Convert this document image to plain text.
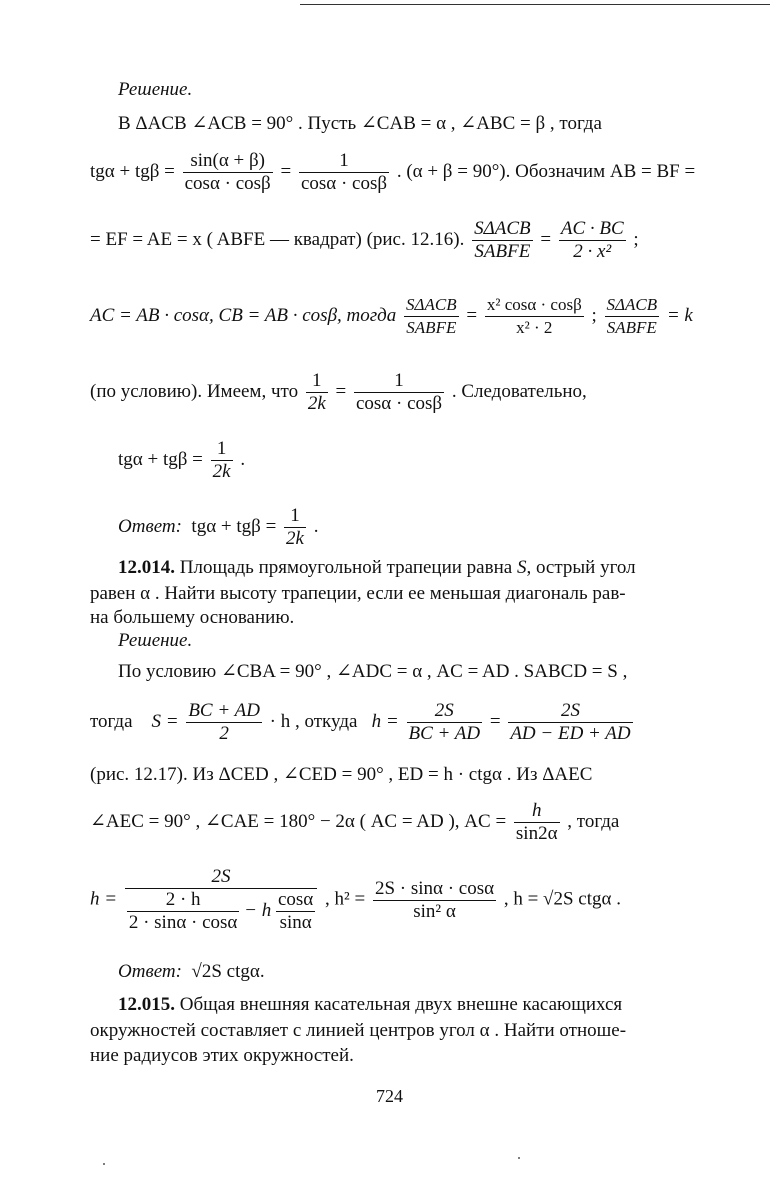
Решение.
В ΔACB ∠ACB = 90° . Пусть ∠CAB = α , ∠ABC = β , тогда
$tg\alpha + tg\beta = \frac{\sin(\alpha + \beta)}{\cos\alpha \cdot \cos\beta} = \frac{1}{\cos\alpha \cdot \cos\beta}$ . (α + β = 90°). Обозначим AB = BF =
= EF = AE = x ( ABFE — квадрат) (рис. 12.16). $\frac{\text{SΔACB}}{\text{SABFE}} = \frac{AC \cdot BC}{\text{2 · x²}}$ ;
AC = AB · cosα, CB = AB · cosβ, тогда $\frac{\text{SΔACB}}{\text{SABFE}} = \frac{\text{x² cosα · cosβ}}{\text{x² · 2}}$ ; $\frac{\text{SΔACB}}{\text{SABFE}} = k$
(по условию). Имеем, что $\frac{1}{2k} = \frac{1}{\cos\alpha \cdot \cos\beta}$ . Следовательно,
$tg\alpha + tg\beta = \frac{1}{2k}$ .
Ответ: $tg\alpha + tg\beta = \frac{1}{2k}$ .
12.014. Площадь прямоугольной трапеции равна S, острый угол
равен α . Найти высоту трапеции, если ее меньшая диагональ рав-
на большему основанию.
Решение.
По условию ∠CBA = 90° , ∠ADC = α , AC = AD . SABCD = S ,
тогда $S = \frac{BC + AD}{2} \cdot h$ , откуда $h = \frac{2S}{BC + AD} = \frac{2S}{AD - ED + AD}$
(рис. 12.17). Из ΔCED , ∠CED = 90° , ED = h · ctgα . Из ΔAEC
∠AEC = 90° , ∠CAE = 180° − 2α ( AC = AD ), AC = $\frac{h}{\sin 2\alpha}$ , тогда
$h = \frac{2S}{\frac{2 \cdot h}{2 \cdot \sin\alpha \cdot \cos\alpha} - h \frac{\cos\alpha}{\sin\alpha}}$ , $h^2 = \frac{2S \cdot \sin\alpha \cdot \cos\alpha}{\text{sin² α}}$ , h = √2S ctgα .
Ответ: √2S ctgα.
12.015. Общая внешняя касательная двух внешне касающихся
окружностей составляет с линией центров угол α . Найти отноше-
ние радиусов этих окружностей.
724
